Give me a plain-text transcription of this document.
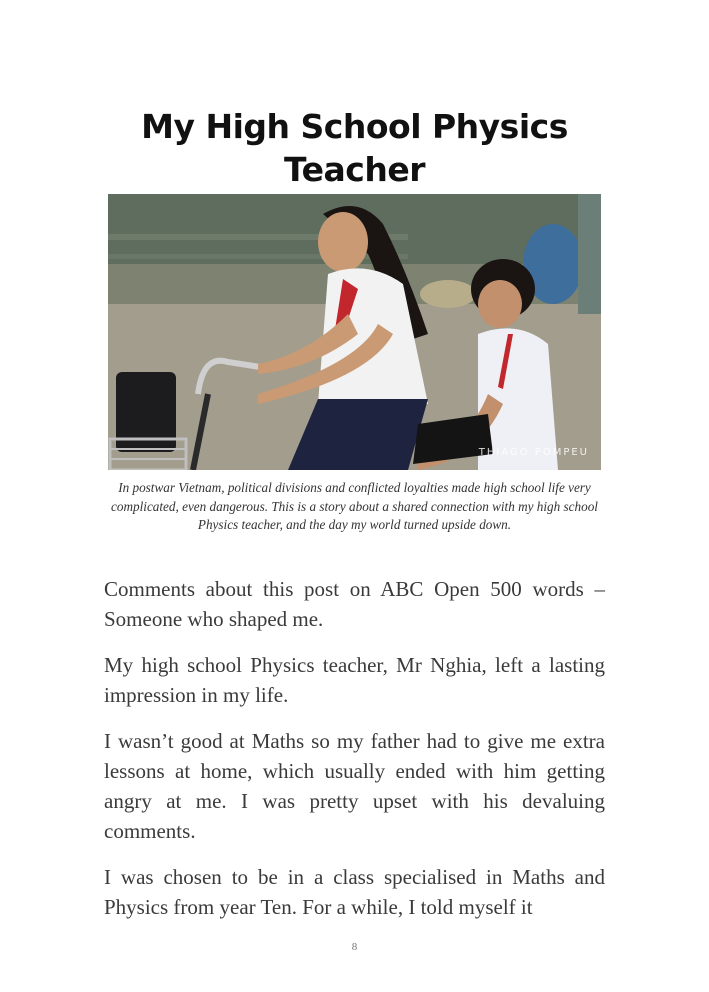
My High School Physics Teacher
THIAGO POMPEU
In postwar Vietnam, political divisions and conflicted loyalties made high school life very complicated, even dangerous. This is a story about a shared connection with my high school Physics teacher, and the day my world turned upside down.

Comments about this post on ABC Open 500 words – Someone who shaped me.

My high school Physics teacher, Mr Nghia, left a lasting impression in my life.

I wasn’t good at Maths so my father had to give me extra lessons at home, which usually ended with him getting angry at me. I was pretty upset with his devaluing comments.

I was chosen to be in a class specialised in Maths and Physics from year Ten. For a while, I told myself it

8
